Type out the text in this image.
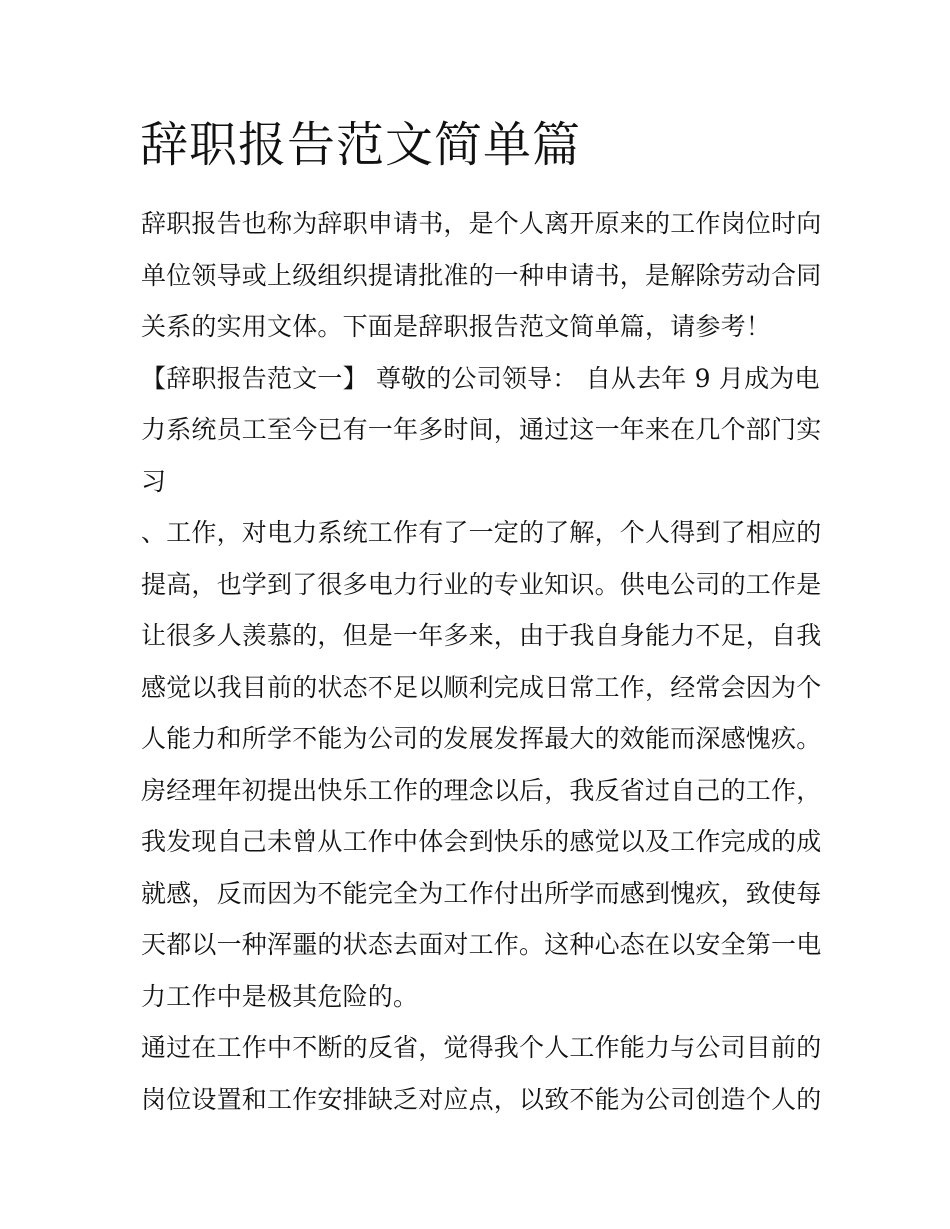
辞职报告范文简单篇
辞职报告也称为辞职申请书，是个人离开原来的工作岗位时向
单位领导或上级组织提请批准的一种申请书，是解除劳动合同
关系的实用文体。下面是辞职报告范文简单篇，请参考！
【辞职报告范文一】 尊敬的公司领导： 自从去年 9 月成为电
力系统员工至今已有一年多时间，通过这一年来在几个部门实
习
、工作，对电力系统工作有了一定的了解，个人得到了相应的
提高，也学到了很多电力行业的专业知识。供电公司的工作是
让很多人羡慕的，但是一年多来，由于我自身能力不足，自我
感觉以我目前的状态不足以顺利完成日常工作，经常会因为个
人能力和所学不能为公司的发展发挥最大的效能而深感愧疚。
房经理年初提出快乐工作的理念以后，我反省过自己的工作，
我发现自己未曾从工作中体会到快乐的感觉以及工作完成的成
就感，反而因为不能完全为工作付出所学而感到愧疚，致使每
天都以一种浑噩的状态去面对工作。这种心态在以安全第一电
力工作中是极其危险的。
通过在工作中不断的反省，觉得我个人工作能力与公司目前的
岗位设置和工作安排缺乏对应点，以致不能为公司创造个人的
